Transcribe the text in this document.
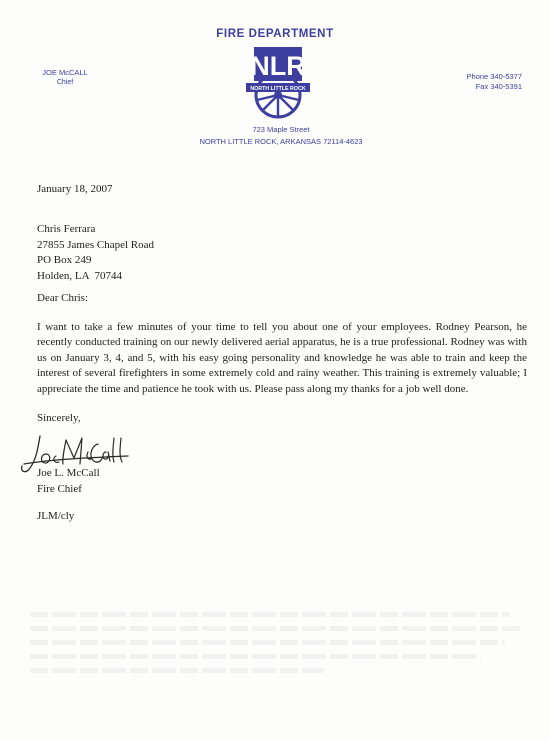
FIRE DEPARTMENT
JOE McCALL
Chief
Phone 340-5377
Fax 340-5391
NLR
NORTH LITTLE ROCK
723 Maple Street
NORTH LITTLE ROCK, ARKANSAS 72114-4623
January 18, 2007
Chris Ferrara
27855 James Chapel Road
PO Box 249
Holden, LA  70744
Dear Chris:
I want to take a few minutes of your time to tell you about one of your employees. Rodney Pearson, he recently conducted training on our newly delivered aerial apparatus, he is a true professional. Rodney was with us on January 3, 4, and 5, with his easy going personality and knowledge he was able to train and keep the interest of several firefighters in some extremely cold and rainy weather. This training is extremely valuable; I appreciate the time and patience he took with us. Please pass along my thanks for a job well done.
Sincerely,
Joe L. McCall
Fire Chief
JLM/cly
